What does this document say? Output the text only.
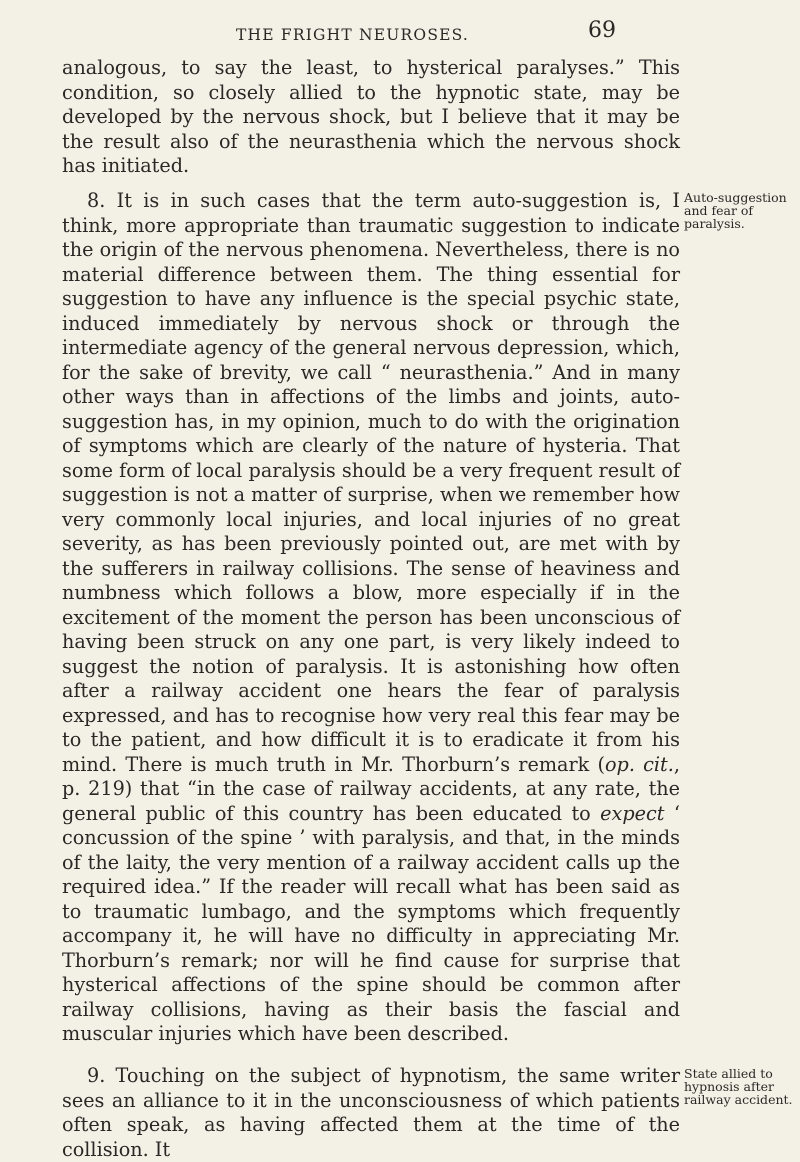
THE FRIGHT NEUROSES.	69

analogous, to say the least, to hysterical paralyses.” This condition, so closely allied to the hypnotic state, may be developed by the nervous shock, but I believe that it may be the result also of the neurasthenia which the nervous shock has initiated.

8. It is in such cases that the term auto-suggestion is, I think, more appropriate than traumatic suggestion to indicate the origin of the nervous phenomena. Nevertheless, there is no material difference between them. The thing essential for suggestion to have any influence is the special psychic state, induced immediately by nervous shock or through the intermediate agency of the general nervous depression, which, for the sake of brevity, we call “ neurasthenia.” And in many other ways than in affections of the limbs and joints, auto-suggestion has, in my opinion, much to do with the origination of symptoms which are clearly of the nature of hysteria. That some form of local paralysis should be a very frequent result of suggestion is not a matter of surprise, when we remember how very commonly local injuries, and local injuries of no great severity, as has been previously pointed out, are met with by the sufferers in railway collisions. The sense of heaviness and numbness which follows a blow, more especially if in the excitement of the moment the person has been unconscious of having been struck on any one part, is very likely indeed to suggest the notion of paralysis. It is astonishing how often after a railway accident one hears the fear of paralysis expressed, and has to recognise how very real this fear may be to the patient, and how difficult it is to eradicate it from his mind. There is much truth in Mr. Thorburn’s remark (op. cit., p. 219) that “in the case of railway accidents, at any rate, the general public of this country has been educated to expect ‘ concussion of the spine ’ with paralysis, and that, in the minds of the laity, the very mention of a railway accident calls up the required idea.” If the reader will recall what has been said as to traumatic lumbago, and the symptoms which frequently accompany it, he will have no difficulty in appreciating Mr. Thorburn’s remark; nor will he find cause for surprise that hysterical affections of the spine should be common after railway collisions, having as their basis the fascial and muscular injuries which have been described.

9. Touching on the subject of hypnotism, the same writer sees an alliance to it in the unconsciousness of which patients often speak, as having affected them at the time of the collision. It

Auto-suggestion and fear of paralysis.

State allied to hypnosis after railway accident.
